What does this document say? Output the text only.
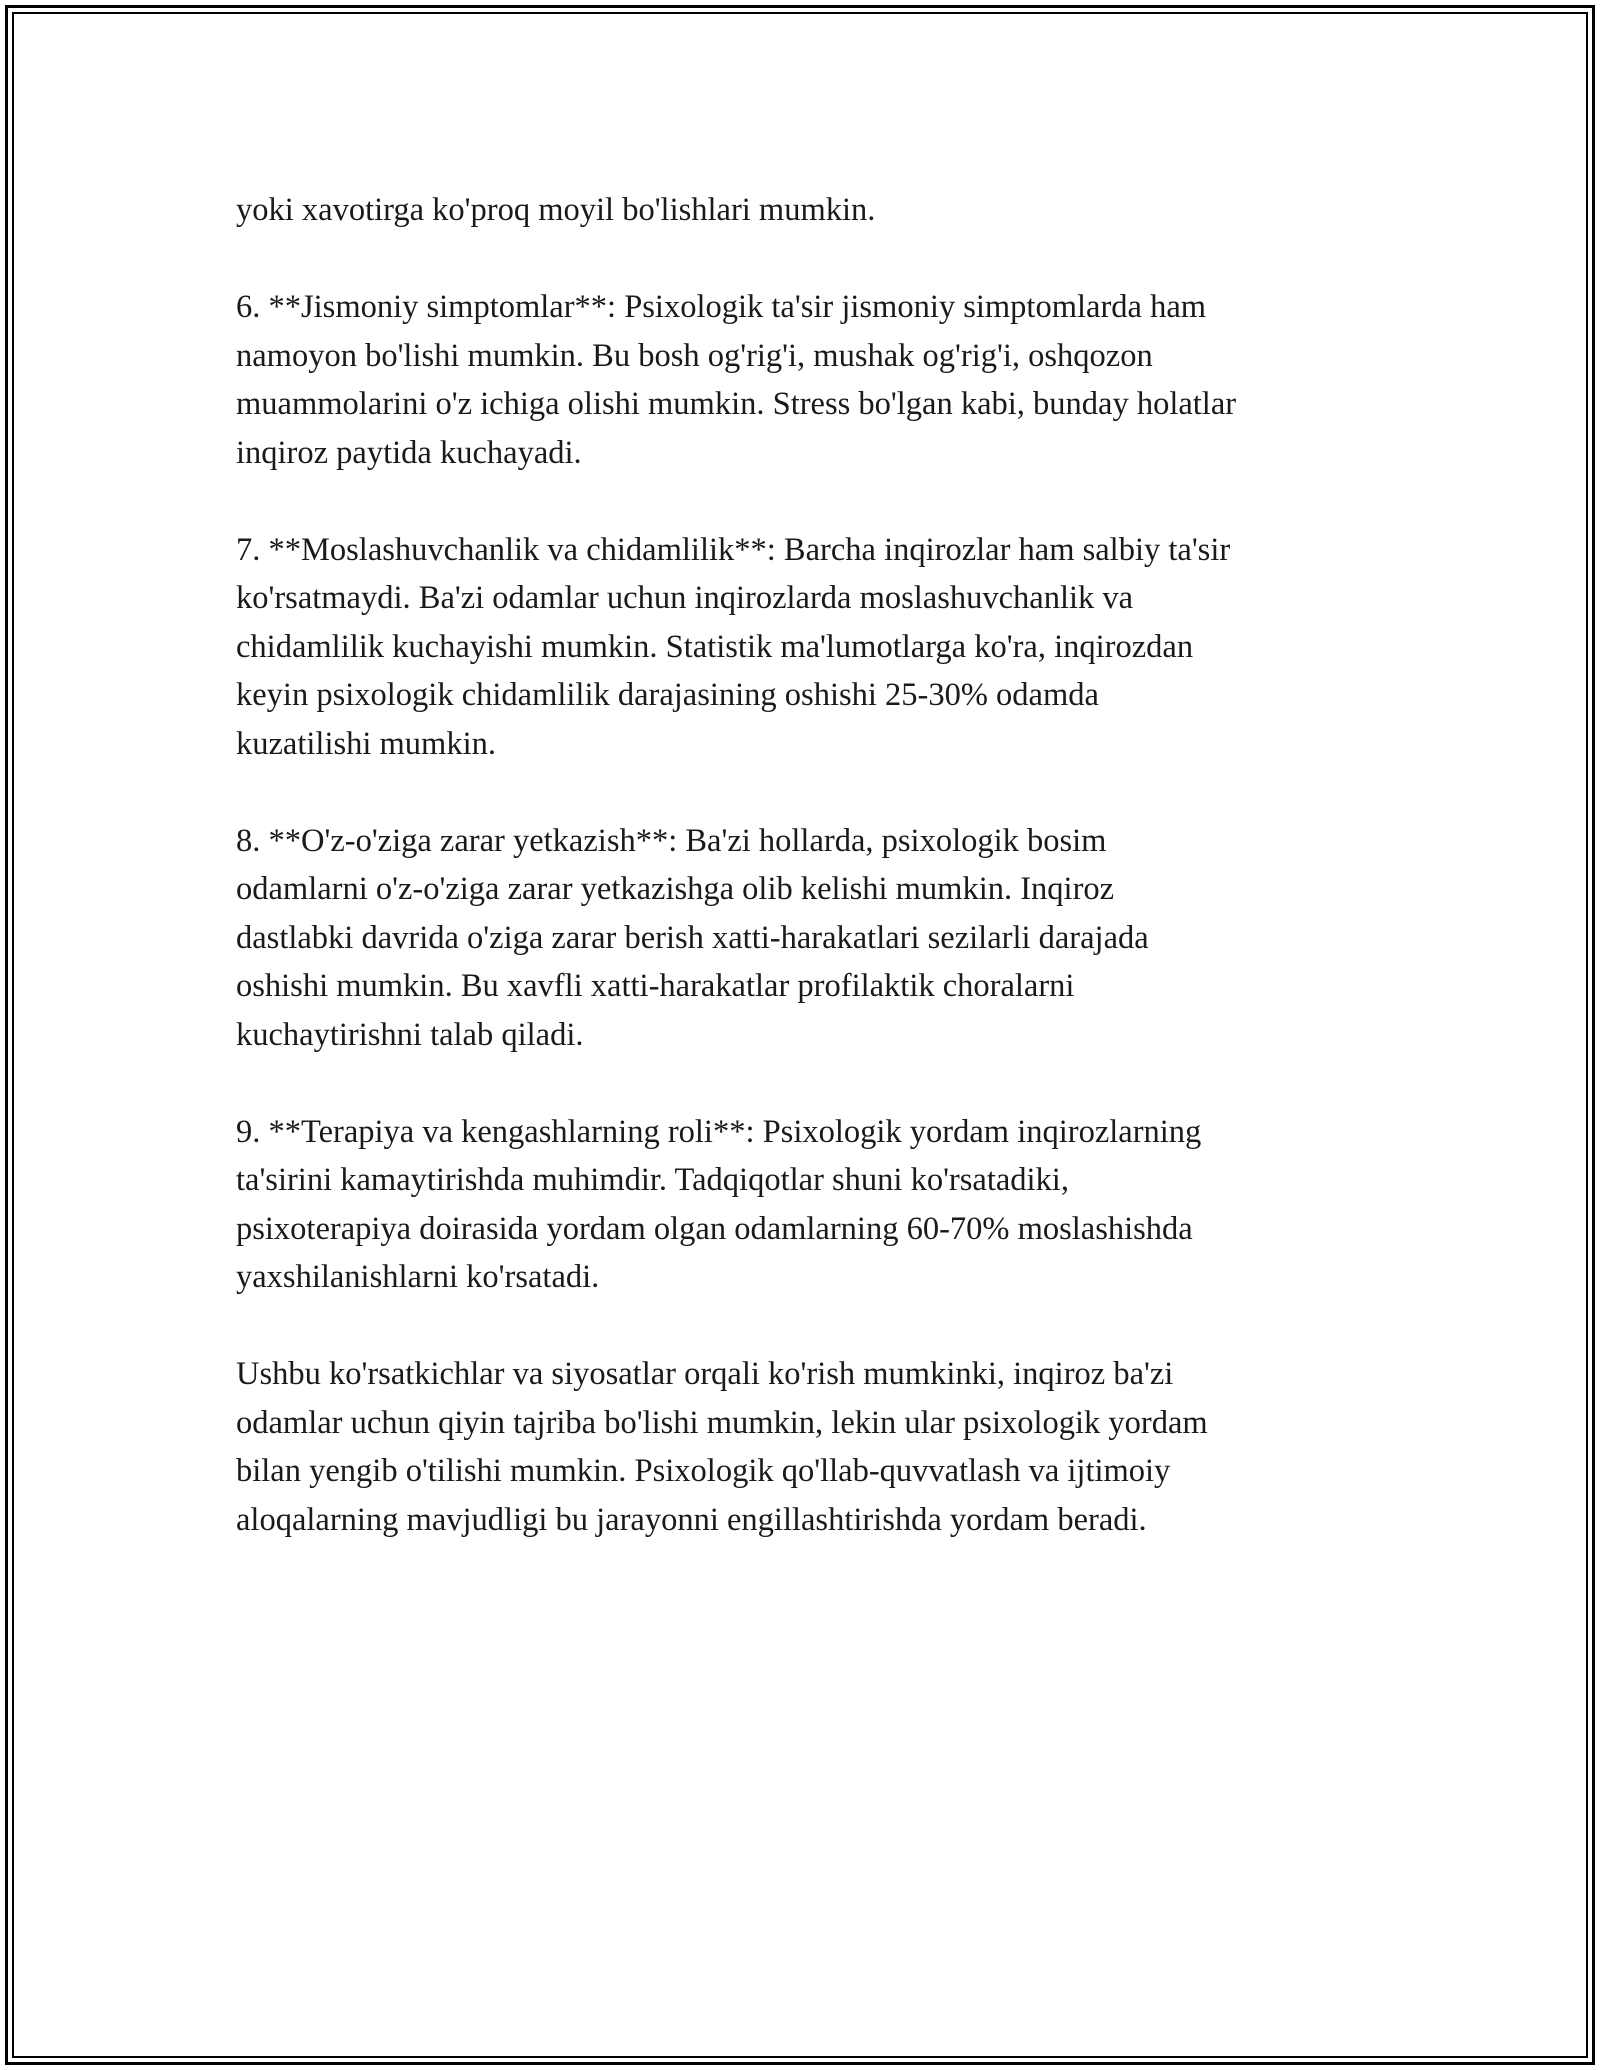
yoki xavotirga ko'proq moyil bo'lishlari mumkin.

6. **Jismoniy simptomlar**: Psixologik ta'sir jismoniy simptomlarda ham
namoyon bo'lishi mumkin. Bu bosh og'rig'i, mushak og'rig'i, oshqozon
muammolarini o'z ichiga olishi mumkin. Stress bo'lgan kabi, bunday holatlar
inqiroz paytida kuchayadi.

7. **Moslashuvchanlik va chidamlilik**: Barcha inqirozlar ham salbiy ta'sir
ko'rsatmaydi. Ba'zi odamlar uchun inqirozlarda moslashuvchanlik va
chidamlilik kuchayishi mumkin. Statistik ma'lumotlarga ko'ra, inqirozdan
keyin psixologik chidamlilik darajasining oshishi 25-30% odamda
kuzatilishi mumkin.

8. **O'z-o'ziga zarar yetkazish**: Ba'zi hollarda, psixologik bosim
odamlarni o'z-o'ziga zarar yetkazishga olib kelishi mumkin. Inqiroz
dastlabki davrida o'ziga zarar berish xatti-harakatlari sezilarli darajada
oshishi mumkin. Bu xavfli xatti-harakatlar profilaktik choralarni
kuchaytirishni talab qiladi.

9. **Terapiya va kengashlarning roli**: Psixologik yordam inqirozlarning
ta'sirini kamaytirishda muhimdir. Tadqiqotlar shuni ko'rsatadiki,
psixoterapiya doirasida yordam olgan odamlarning 60-70% moslashishda
yaxshilanishlarni ko'rsatadi.

Ushbu ko'rsatkichlar va siyosatlar orqali ko'rish mumkinki, inqiroz ba'zi
odamlar uchun qiyin tajriba bo'lishi mumkin, lekin ular psixologik yordam
bilan yengib o'tilishi mumkin. Psixologik qo'llab-quvvatlash va ijtimoiy
aloqalarning mavjudligi bu jarayonni engillashtirishda yordam beradi.
